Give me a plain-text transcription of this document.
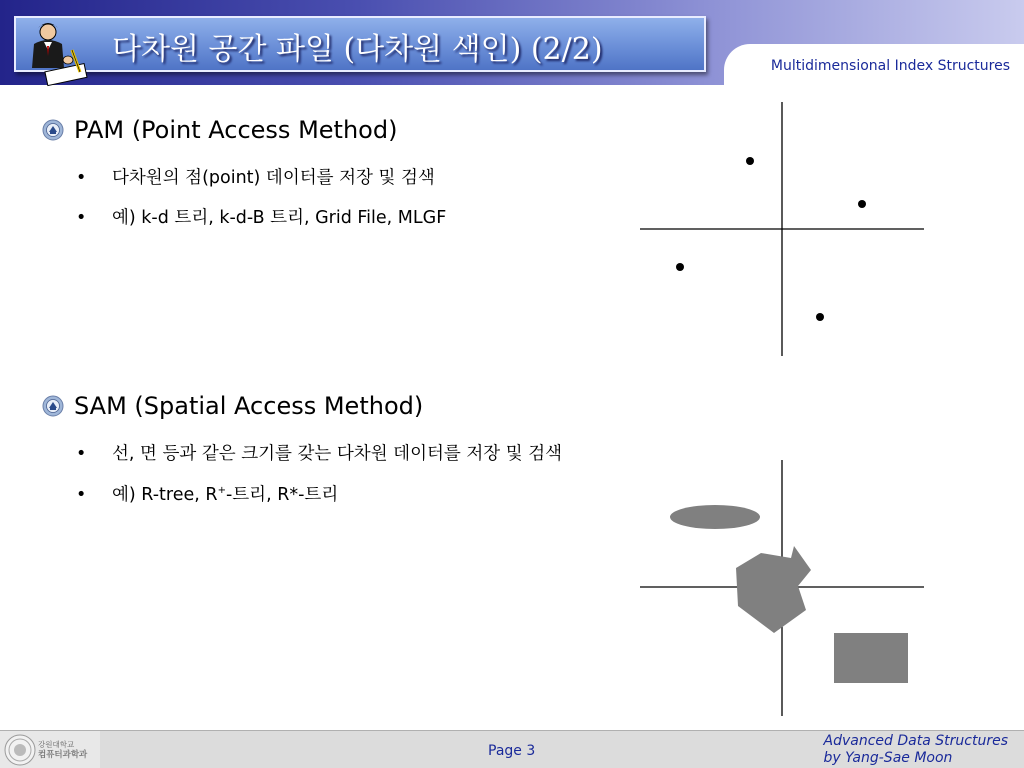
Multidimensional Index Structures
다차원 공간 파일 (다차원 색인) (2/2)
PAM (Point Access Method)
• 다차원의 점(point) 데이터를 저장 및 검색
• 예) k-d 트리, k-d-B 트리, Grid File, MLGF
SAM (Spatial Access Method)
• 선, 면 등과 같은 크기를 갖는 다차원 데이터를 저장 및 검색
• 예) R-tree, R+-트리, R*-트리
강원대학교
컴퓨터과학과	Page 3
Advanced Data Structures
by Yang-Sae Moon
